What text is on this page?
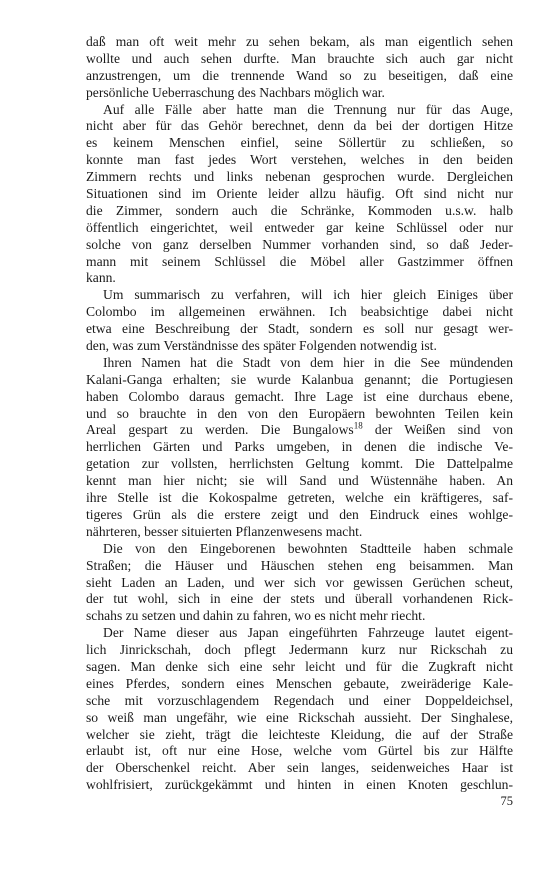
daß man oft weit mehr zu sehen bekam, als man eigentlich sehen
wollte und auch sehen durfte. Man brauchte sich auch gar nicht
anzustrengen, um die trennende Wand so zu beseitigen, daß eine
persönliche Ueberraschung des Nachbars möglich war.
Auf alle Fälle aber hatte man die Trennung nur für das Auge,
nicht aber für das Gehör berechnet, denn da bei der dortigen Hitze
es keinem Menschen einfiel, seine Söllertür zu schließen, so
konnte man fast jedes Wort verstehen, welches in den beiden
Zimmern rechts und links nebenan gesprochen wurde. Dergleichen
Situationen sind im Oriente leider allzu häufig. Oft sind nicht nur
die Zimmer, sondern auch die Schränke, Kommoden u.s.w. halb
öffentlich eingerichtet, weil entweder gar keine Schlüssel oder nur
solche von ganz derselben Nummer vorhanden sind, so daß Jeder-
mann mit seinem Schlüssel die Möbel aller Gastzimmer öffnen
kann.
Um summarisch zu verfahren, will ich hier gleich Einiges über
Colombo im allgemeinen erwähnen. Ich beabsichtige dabei nicht
etwa eine Beschreibung der Stadt, sondern es soll nur gesagt wer-
den, was zum Verständnisse des später Folgenden notwendig ist.
Ihren Namen hat die Stadt von dem hier in die See mündenden
Kalani-Ganga erhalten; sie wurde Kalanbua genannt; die Portugiesen
haben Colombo daraus gemacht. Ihre Lage ist eine durchaus ebene,
und so brauchte in den von den Europäern bewohnten Teilen kein
Areal gespart zu werden. Die Bungalows$^{18}$ der Weißen sind von
herrlichen Gärten und Parks umgeben, in denen die indische Ve-
getation zur vollsten, herrlichsten Geltung kommt. Die Dattelpalme
kennt man hier nicht; sie will Sand und Wüstennähe haben. An
ihre Stelle ist die Kokospalme getreten, welche ein kräftigeres, saf-
tigeres Grün als die erstere zeigt und den Eindruck eines wohlge-
nährteren, besser situierten Pflanzenwesens macht.
Die von den Eingeborenen bewohnten Stadtteile haben schmale
Straßen; die Häuser und Häuschen stehen eng beisammen. Man
sieht Laden an Laden, und wer sich vor gewissen Gerüchen scheut,
der tut wohl, sich in eine der stets und überall vorhandenen Rick-
schahs zu setzen und dahin zu fahren, wo es nicht mehr riecht.
Der Name dieser aus Japan eingeführten Fahrzeuge lautet eigent-
lich Jinrickschah, doch pflegt Jedermann kurz nur Rickschah zu
sagen. Man denke sich eine sehr leicht und für die Zugkraft nicht
eines Pferdes, sondern eines Menschen gebaute, zweiräderige Kale-
sche mit vorzuschlagendem Regendach und einer Doppeldeichsel,
so weiß man ungefähr, wie eine Rickschah aussieht. Der Singhalese,
welcher sie zieht, trägt die leichteste Kleidung, die auf der Straße
erlaubt ist, oft nur eine Hose, welche vom Gürtel bis zur Hälfte
der Oberschenkel reicht. Aber sein langes, seidenweiches Haar ist
wohlfrisiert, zurückgekämmt und hinten in einen Knoten geschlun-
75
